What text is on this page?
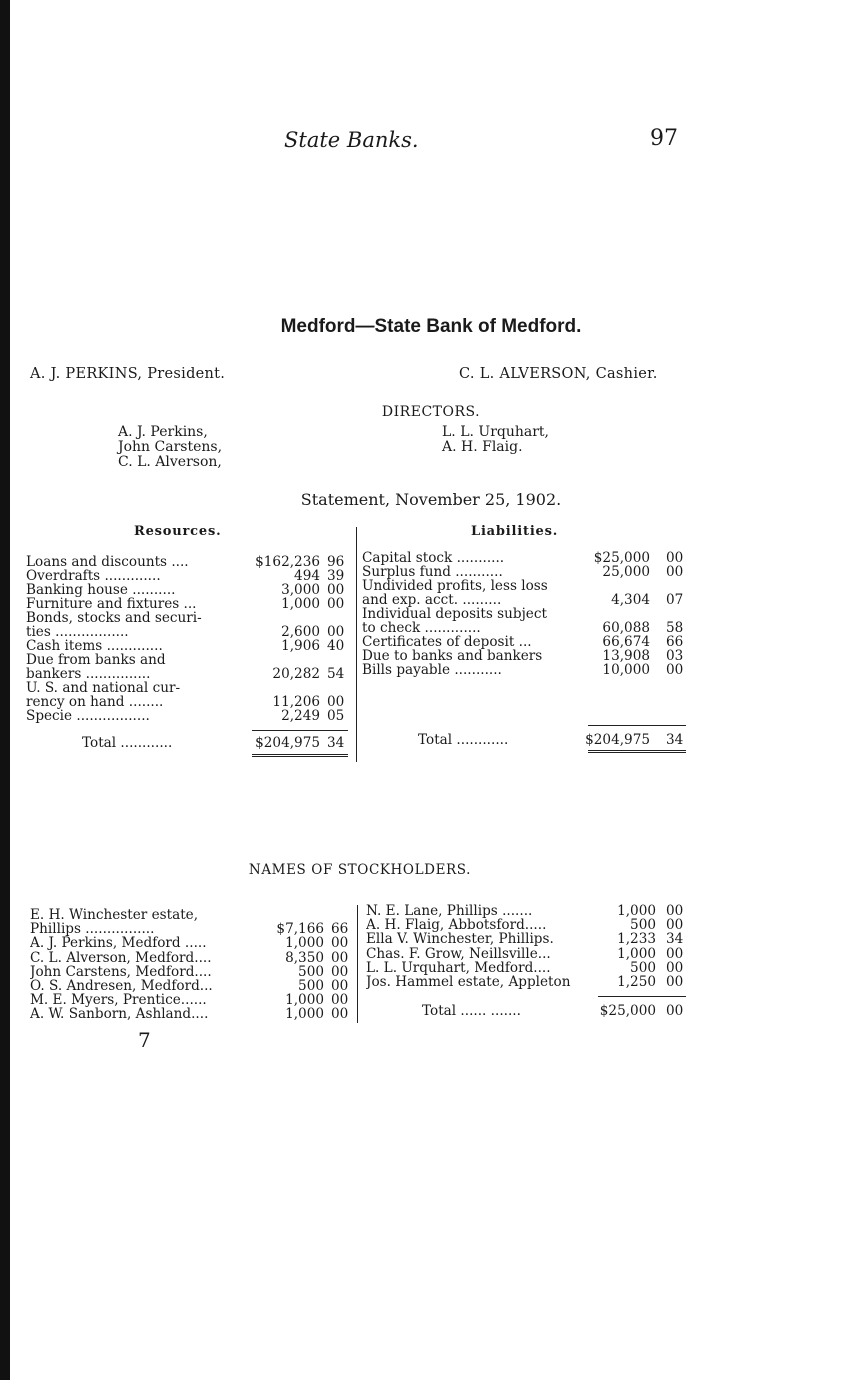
State Banks.	97
Medford—State Bank of Medford.
A. J. PERKINS, President.	C. L. ALVERSON, Cashier.
DIRECTORS.
A. J. Perkins,
John Carstens,
C. L. Alverson,
L. L. Urquhart,
A. H. Flaig.
Statement, November 25, 1902.
Resources.	Liabilities.
Loans and discounts ....	$162,236 96
Overdrafts .............	494 39
Banking house ..........	3,000 00
Furniture and fixtures ...	1,000 00
Bonds, stocks and securi-
ties .................	2,600 00
Cash items .............	1,906 40
Due from banks and
bankers ...............	20,282 54
U. S. and national cur-
rency on hand ........	11,206 00
Specie .................	2,249 05
Total ............	$204,975 34
Capital stock ...........	$25,000 00
Surplus fund ...........	25,000 00
Undivided profits, less loss
and exp. acct. .........	4,304 07
Individual deposits subject
to check .............	60,088 58
Certificates of deposit ...	66,674 66
Due to banks and bankers	13,908 03
Bills payable ...........	10,000 00
Total ............	$204,975 34
NAMES OF STOCKHOLDERS.
E. H. Winchester estate,
Phillips ................	$7,166 66
A. J. Perkins, Medford .....	1,000 00
C. L. Alverson, Medford....	8,350 00
John Carstens, Medford....	500 00
O. S. Andresen, Medford...	500 00
M. E. Myers, Prentice......	1,000 00
A. W. Sanborn, Ashland....	1,000 00
N. E. Lane, Phillips .......	1,000 00
A. H. Flaig, Abbotsford.....	500 00
Ella V. Winchester, Phillips.	1,233 34
Chas. F. Grow, Neillsville...	1,000 00
L. L. Urquhart, Medford....	500 00
Jos. Hammel estate, Appleton	1,250 00
Total ...... .......	$25,000 00
7
